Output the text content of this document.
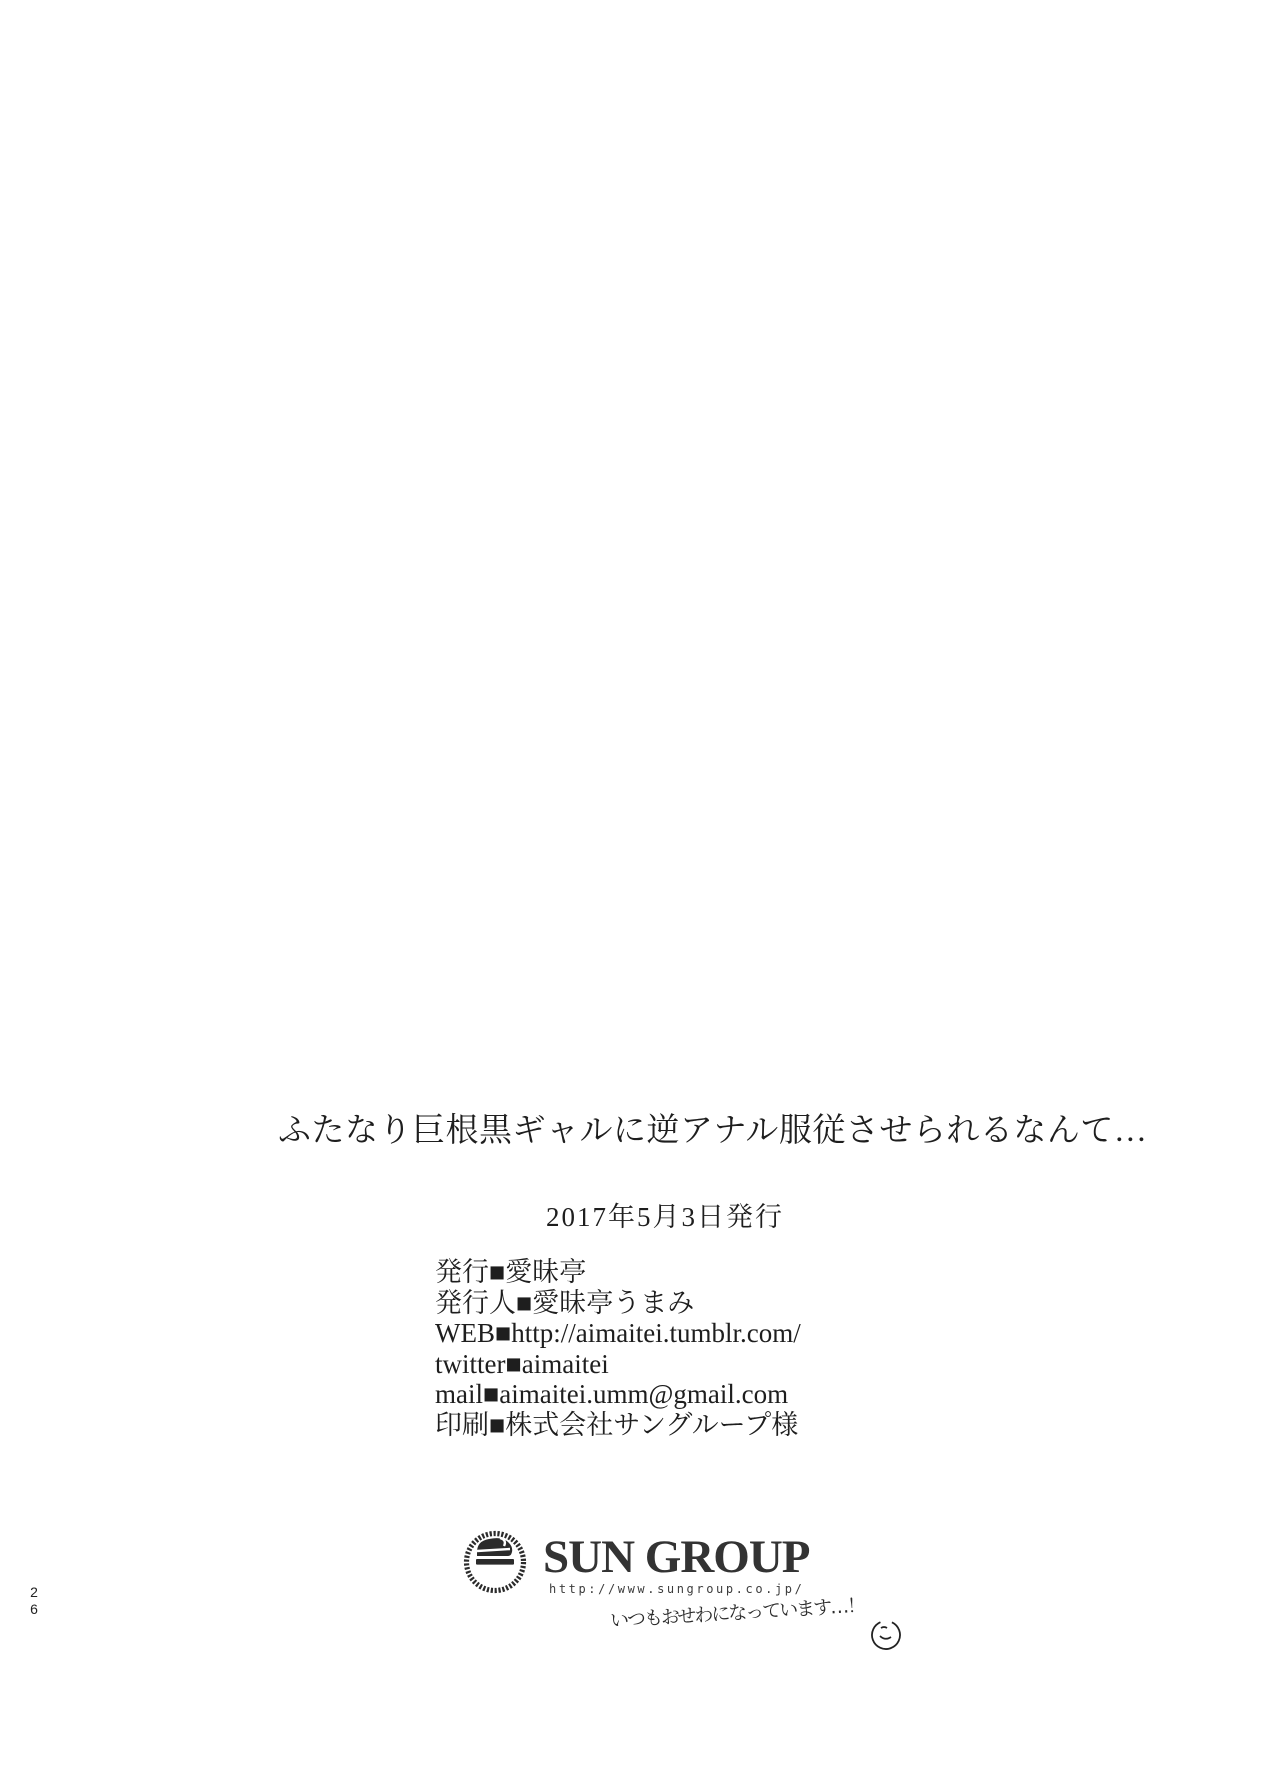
ふたなり巨根黒ギャルに逆アナル服従させられるなんて…
2017年5月3日発行
発行■愛昧亭
発行人■愛昧亭うまみ
WEB■http://aimaitei.tumblr.com/
twitter■aimaitei
mail■aimaitei.umm@gmail.com
印刷■株式会社サングループ様
SUN GROUP
http://www.sungroup.co.jp/
いつもおせわになっています…！
26
